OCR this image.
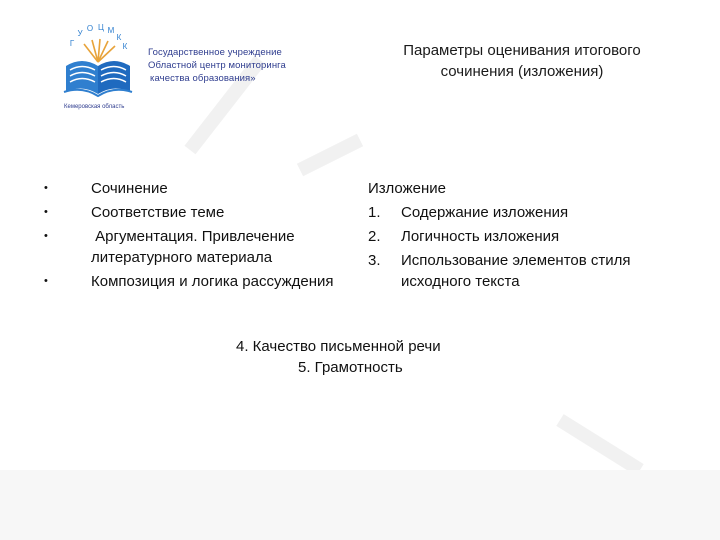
Г
У
О Ц М
К
К
Государственное учреждение
Областной центр мониторинга
качества образования»
Кемеровская область
Параметры оценивания итогового
сочинения (изложения)
•	Сочинение
•	Соответствие теме
•	Аргументация. Привлечение литературного материала
•	Композиция и логика рассуждения
Изложение
1.	Содержание изложения
2.	Логичность изложения
3.	Использование элементов стиля исходного текста
4. Качество письменной речи
5. Грамотность
